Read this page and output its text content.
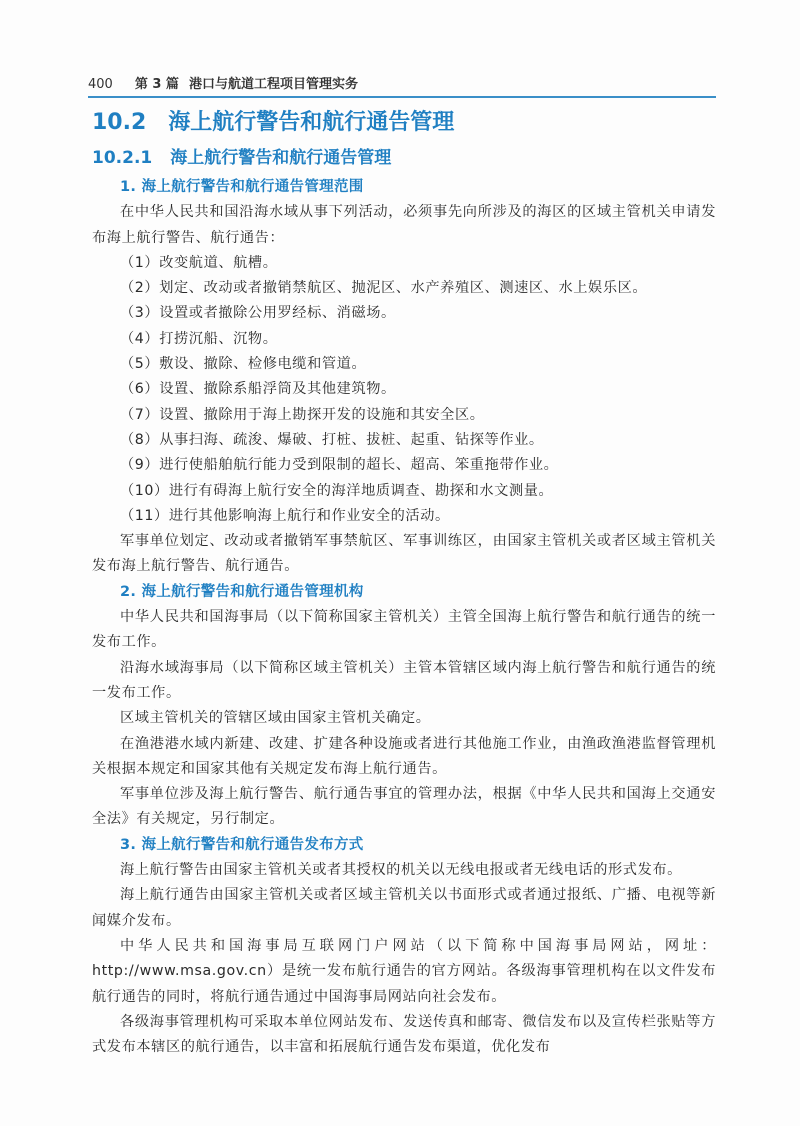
400 第 3 篇 港口与航道工程项目管理实务
10.2 海上航行警告和航行通告管理
10.2.1 海上航行警告和航行通告管理
1. 海上航行警告和航行通告管理范围

在中华人民共和国沿海水域从事下列活动，必须事先向所涉及的海区的区域主管机关申请发布海上航行警告、航行通告：

（1）改变航道、航槽。
（2）划定、改动或者撤销禁航区、抛泥区、水产养殖区、测速区、水上娱乐区。
（3）设置或者撤除公用罗经标、消磁场。
（4）打捞沉船、沉物。
（5）敷设、撤除、检修电缆和管道。
（6）设置、撤除系船浮筒及其他建筑物。
（7）设置、撤除用于海上勘探开发的设施和其安全区。
（8）从事扫海、疏浚、爆破、打桩、拔桩、起重、钻探等作业。
（9）进行使船舶航行能力受到限制的超长、超高、笨重拖带作业。
（10）进行有碍海上航行安全的海洋地质调查、勘探和水文测量。
（11）进行其他影响海上航行和作业安全的活动。

军事单位划定、改动或者撤销军事禁航区、军事训练区，由国家主管机关或者区域主管机关发布海上航行警告、航行通告。

2. 海上航行警告和航行通告管理机构

中华人民共和国海事局（以下简称国家主管机关）主管全国海上航行警告和航行通告的统一发布工作。

沿海水域海事局（以下简称区域主管机关）主管本管辖区域内海上航行警告和航行通告的统一发布工作。

区域主管机关的管辖区域由国家主管机关确定。

在渔港港水域内新建、改建、扩建各种设施或者进行其他施工作业，由渔政渔港监督管理机关根据本规定和国家其他有关规定发布海上航行通告。

军事单位涉及海上航行警告、航行通告事宜的管理办法，根据《中华人民共和国海上交通安全法》有关规定，另行制定。

3. 海上航行警告和航行通告发布方式

海上航行警告由国家主管机关或者其授权的机关以无线电报或者无线电话的形式发布。

海上航行通告由国家主管机关或者区域主管机关以书面形式或者通过报纸、广播、电视等新闻媒介发布。

中华人民共和国海事局互联网门户网站（以下简称中国海事局网站，网址：http://www.msa.gov.cn）是统一发布航行通告的官方网站。各级海事管理机构在以文件发布航行通告的同时，将航行通告通过中国海事局网站向社会发布。

各级海事管理机构可采取本单位网站发布、发送传真和邮寄、微信发布以及宣传栏张贴等方式发布本辖区的航行通告，以丰富和拓展航行通告发布渠道，优化发布
